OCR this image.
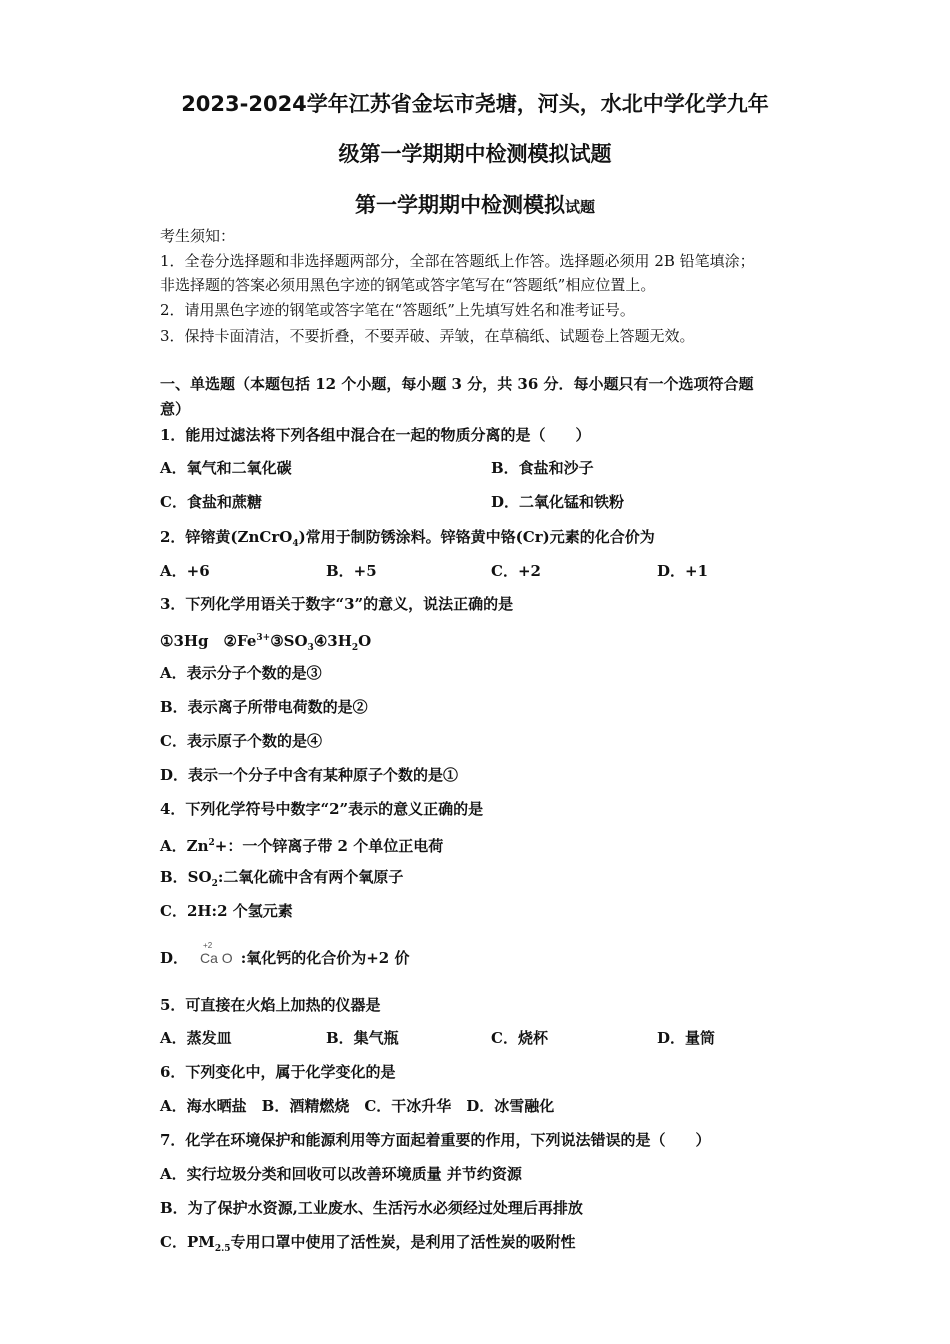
2023-2024学年江苏省金坛市尧塘，河头，水北中学化学九年
级第一学期期中检测模拟试题
第一学期期中检测模拟试题
考生须知：
1．全卷分选择题和非选择题两部分，全部在答题纸上作答。选择题必须用 2B 铅笔填涂；
非选择题的答案必须用黑色字迹的钢笔或答字笔写在“答题纸”相应位置上。
2．请用黑色字迹的钢笔或答字笔在“答题纸”上先填写姓名和准考证号。
3．保持卡面清洁，不要折叠，不要弄破、弄皱，在草稿纸、试题卷上答题无效。
一、单选题（本题包括 12 个小题，每小题 3 分，共 36 分．每小题只有一个选项符合题
意）
1．能用过滤法将下列各组中混合在一起的物质分离的是（　　）
A．氧气和二氧化碳	B．食盐和沙子
C．食盐和蔗糖	D．二氧化锰和铁粉
2．锌镕黄(ZnCrO$_4$)常用于制防锈涂料。锌铬黄中铬(Cr)元素的化合价为
A．+6	B．+5	C．+2	D．+1
3．下列化学用语关于数字“3”的意义，说法正确的是
①3Hg　$②Fe^{3+}③SO_3④3H_2O$
A．表示分子个数的是③
B．表示离子所带电荷数的是②
C．表示原子个数的是④
D．表示一个分子中含有某种原子个数的是①
4．下列化学符号中数字“2”表示的意义正确的是
A．$Zn^2+$：一个锌离子带 2 个单位正电荷
B．$SO_2$:二氧化硫中含有两个氧原子
C．2H:2 个氢元素
D．
+2
Ca O :氧化钙的化合价为+2 价
5．可直接在火焰上加热的仪器是
A．蒸发皿	B．集气瓶	C．烧杯	D．量筒
6．下列变化中，属于化学变化的是
A．海水晒盐　B．酒精燃烧　C．干冰升华　D．冰雪融化
7．化学在环境保护和能源利用等方面起着重要的作用，下列说法错误的是（　　）
A．实行垃圾分类和回收可以改善环境质量 并节约资源
B．为了保护水资源,工业废水、生活污水必须经过处理后再排放
C．$PM_{2.5}$专用口罩中使用了活性炭，是利用了活性炭的吸附性
